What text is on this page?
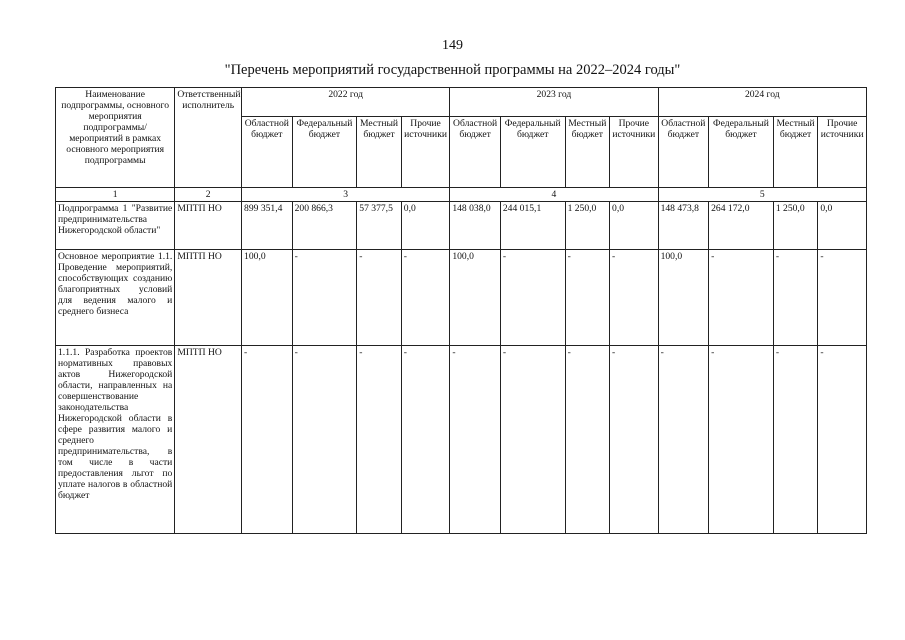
149
"Перечень мероприятий государственной программы на 2022–2024 годы"
Наименование подпрограммы, основного мероприятия подпрограммы/мероприятий в рамках основного мероприятия подпрограммы	Ответственный исполнитель	2022 год				2023 год				2024 год			
		Областной бюджет	Федеральный бюджет	Местный бюджет	Прочие источники	Областной бюджет	Федеральный бюджет	Местный бюджет	Прочие источники	Областной бюджет	Федеральный бюджет	Местный бюджет	Прочие источники
1	2	3				4				5			
Подпрограмма 1 "Развитие предпринимательства Нижегородской области"	МПТП НО	899 351,4	200 866,3	57 377,5	0,0	148 038,0	244 015,1	1 250,0	0,0	148 473,8	264 172,0	1 250,0	0,0
Основное мероприятие 1.1. Проведение мероприятий, способствующих созданию благоприятных условий для ведения малого и среднего бизнеса	МПТП НО	100,0	-	-	-	100,0	-	-	-	100,0	-	-	-
1.1.1. Разработка проектов нормативных правовых актов Нижегородской области, направленных на совершенствование законодательства Нижегородской области в сфере развития малого и среднего предпринимательства, в том числе в части предоставления льгот по уплате налогов в областной бюджет	МПТП НО	-	-	-	-	-	-	-	-	-	-	-	-
